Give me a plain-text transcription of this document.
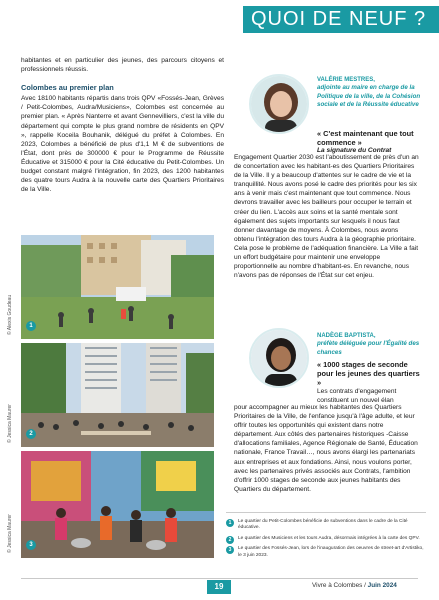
QUOI DE NEUF ?

habitantes et en particulier des jeunes, des parcours citoyens et professionnels réussis.

Colombes au premier plan

Avec 18100 habitants répartis dans trois QPV «Fossés-Jean, Grèves / Petit-Colombes, Audra/Musiciens», Colombes est concernée au premier plan. « Après Nanterre et avant Gennevilliers, c'est la ville du département qui compte le plus grand nombre de résidents en QPV », rappelle Koceila Bouhanik, délégué du préfet à Colombes. En 2023, Colombes a bénéficié de plus d'1,1 M € de subventions de l'État, dont près de 300000 € pour le Programme de Réussite Éducative et 315000 € pour la Cité éducative du Petit-Colombes. Un budget constant malgré l'intégration, fin 2023, des 1200 habitantes des quatre tours Audra à la nouvelle carte des Quartiers Prioritaires de la Ville.

© Alexis Goudeau	1
© Jessica Maurer	2
© Jessica Maurer	3
VALÉRIE MESTRES,
adjointe au maire en charge de la Politique de la ville, de la Cohésion sociale et de la Réussite éducative
« C'est maintenant que tout commence »
La signature du Contrat

Engagement Quartier 2030 est l'aboutissement de près d'un an de concertation avec les habitant-es des Quartiers Prioritaires de la Ville. Il y a beaucoup d'attentes sur le cadre de vie et la tranquillité. Nous avons posé le cadre des priorités pour les six ans à venir mais c'est maintenant que tout commence. Nous devrons travailler avec les bailleurs pour occuper le terrain et créer du lien. L'accès aux soins et la santé mentale sont également des sujets importants sur lesquels il nous faut donner davantage de moyens. À Colombes, nous avons obtenu l'intégration des tours Audra à la géographie prioritaire. Cela pose le problème de l'adéquation financière. La Ville a fait un effort budgétaire pour maintenir une enveloppe proportionnelle au nombre d'habitant-es. En revanche, nous n'avons pas de réponses de l'État sur cet enjeu.

NADÈGE BAPTISTA,
préfète déléguée pour l'Égalité des chances
« 1000 stages de seconde pour les jeunes des quartiers »
Les contrats d'engagement constituent un nouvel élan

pour accompagner au mieux les habitantes des Quartiers Prioritaires de la Ville, de l'enfance jusqu'à l'âge adulte, et leur offrir toutes les opportunités qui existent dans notre département. Aux côtés des partenaires historiques -Caisse d'allocations familiales, Agence Régionale de Santé, Éducation nationale, France Travail…, nous avons élargi les partenariats aux entreprises et aux fondations. Ainsi, nous voulons porter, avec les partenaires privés associés aux Contrats, l'ambition d'offrir 1000 stages de seconde aux jeunes habitants des Quartiers du département.

1	Le quartier du Petit-Colombes bénéficie de subventions dans le cadre de la Cité éducative.
2	Le quartier des Musiciens et les tours Audra, désormais intégrées à la carte des QPV.
3	Le quartier des Fossés-Jean, lors de l'inauguration des oeuvres de street-art d'Artistiko, le 3 juin 2023.
19	Vivre à Colombes / Juin 2024
